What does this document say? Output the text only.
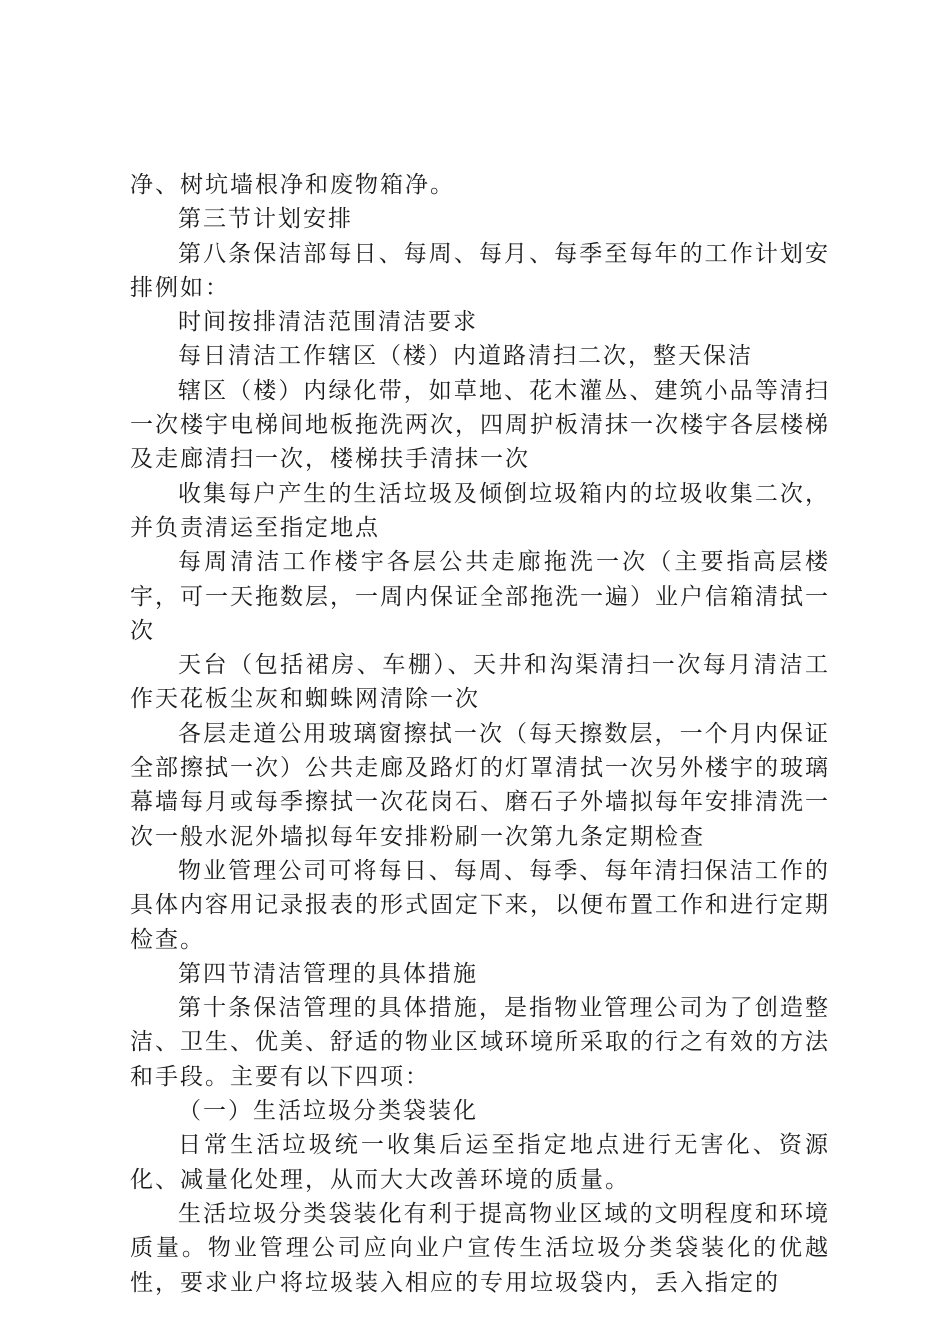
净、树坑墙根净和废物箱净。

第三节计划安排

第八条保洁部每日、每周、每月、每季至每年的工作计划安排例如：

时间按排清洁范围清洁要求

每日清洁工作辖区（楼）内道路清扫二次，整天保洁

辖区（楼）内绿化带，如草地、花木灌丛、建筑小品等清扫一次楼宇电梯间地板拖洗两次，四周护板清抹一次楼宇各层楼梯及走廊清扫一次，楼梯扶手清抹一次

收集每户产生的生活垃圾及倾倒垃圾箱内的垃圾收集二次，并负责清运至指定地点

每周清洁工作楼宇各层公共走廊拖洗一次（主要指高层楼宇，可一天拖数层，一周内保证全部拖洗一遍）业户信箱清拭一次

天台（包括裙房、车棚）、天井和沟渠清扫一次每月清洁工作天花板尘灰和蜘蛛网清除一次

各层走道公用玻璃窗擦拭一次（每天擦数层，一个月内保证全部擦拭一次）公共走廊及路灯的灯罩清拭一次另外楼宇的玻璃幕墙每月或每季擦拭一次花岗石、磨石子外墙拟每年安排清洗一次一般水泥外墙拟每年安排粉刷一次第九条定期检查

物业管理公司可将每日、每周、每季、每年清扫保洁工作的具体内容用记录报表的形式固定下来，以便布置工作和进行定期检查。

第四节清洁管理的具体措施

第十条保洁管理的具体措施，是指物业管理公司为了创造整洁、卫生、优美、舒适的物业区域环境所采取的行之有效的方法和手段。主要有以下四项：

（一）生活垃圾分类袋装化

日常生活垃圾统一收集后运至指定地点进行无害化、资源化、减量化处理，从而大大改善环境的质量。

生活垃圾分类袋装化有利于提高物业区域的文明程度和环境质量。物业管理公司应向业户宣传生活垃圾分类袋装化的优越性，要求业户将垃圾装入相应的专用垃圾袋内，丢入指定的
